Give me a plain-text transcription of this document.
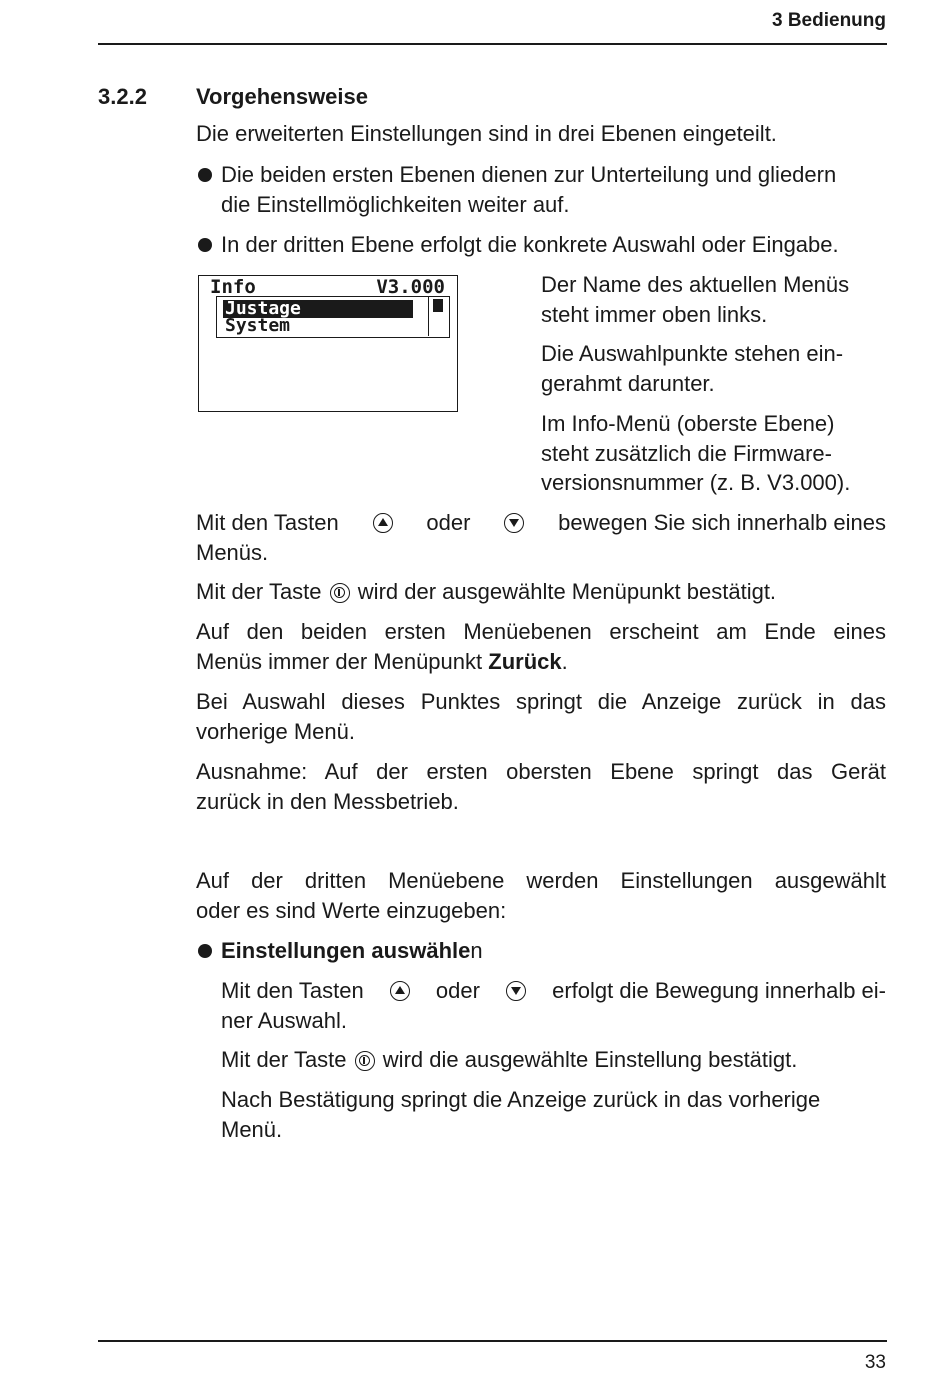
3 Bedienung
3.2.2 Vorgehensweise
Die erweiterten Einstellungen sind in drei Ebenen eingeteilt.
Die beiden ersten Ebenen dienen zur Unterteilung und gliedern
die Einstellmöglichkeiten weiter auf.
In der dritten Ebene erfolgt die konkrete Auswahl oder Eingabe.
Info	V3.000
Justage
System
Der Name des aktuellen Menüs
steht immer oben links.
Die Auswahlpunkte stehen ein-
gerahmt darunter.
Im Info-Menü (oberste Ebene)
steht zusätzlich die Firmware-
versionsnummer (z. B. V3.000).
Mit den Tasten	oder	bewegen Sie sich innerhalb eines
Menüs.
Mit der Taste wird der ausgewählte Menüpunkt bestätigt.
Auf den beiden ersten Menüebenen erscheint am Ende eines
Menüs immer der Menüpunkt Zurück.
Bei Auswahl dieses Punktes springt die Anzeige zurück in das
vorherige Menü.
Ausnahme: Auf der ersten obersten Ebene springt das Gerät
zurück in den Messbetrieb.
Auf der dritten Menüebene werden Einstellungen ausgewählt
oder es sind Werte einzugeben:
Einstellungen auswählen
Mit den Tasten	oder	erfolgt die Bewegung innerhalb ei-
ner Auswahl.
Mit der Taste wird die ausgewählte Einstellung bestätigt.
Nach Bestätigung springt die Anzeige zurück in das vorherige
Menü.
33
